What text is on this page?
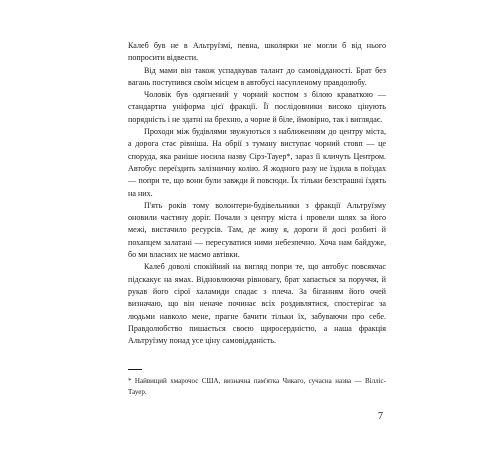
Калеб був не в Альтруїзмі, певна, школярки не могли б від нього попросити відвести.

Від мами він також успадкував талант до самовідданості. Брат без вагань поступився своїм місцем в автобусі насупленому правдолюбу.

Чоловік був одягнений у чорний костюм з білою краваткою — стандартна уніформа цієї фракції. Її послідовники високо цінують порядність і не здатні на брехню, а чорне й біле, ймовірно, так і виглядає.

Проходи між будівлями звужуються з наближенням до центру міста, а дорога стає рівніша. На обрії з туману виступає чорний стовп — це споруда, яка раніше носила назву Сірз-Тауер*, зараз її кличуть Центром. Автобус переїздить залізничну колію. Я жодного разу не їздила в поїздах — попри те, що вони були завжди й повсюди. Їх тільки безстрашні їздять на них.

П'ять років тому волонтери-будівельники з фракції Альтруїзму оновили частину доріг. Почали з центру міста і провели шлях за його межі, вистачило ресурсів. Там, де живу я, дороги й досі розбиті й похапцем залатані — пересуватися ними небезпечно. Хоча нам байдуже, бо ми власних не маємо автівки.

Калеб доволі спокійний на вигляд попри те, що автобус повсякчас підскакує на ямах. Відновлюючи рівновагу, брат хапається за поруччя, й рукав його сірої халамиди спадає з плеча. За біганням його очей визначаю, що він неначе починає всіх роздивлятися, спостерігає за людьми навколо мене, прагне бачити тільки їх, забуваючи про себе. Правдолюбство пишається своєю щиросердністю, а наша фракція Альтруїзму понад усе ціну самовідданість.

* Найвищий хмарочос США, визначна пам'ятка Чикаго, сучасна назва — Вілліс-Тауер.

7
